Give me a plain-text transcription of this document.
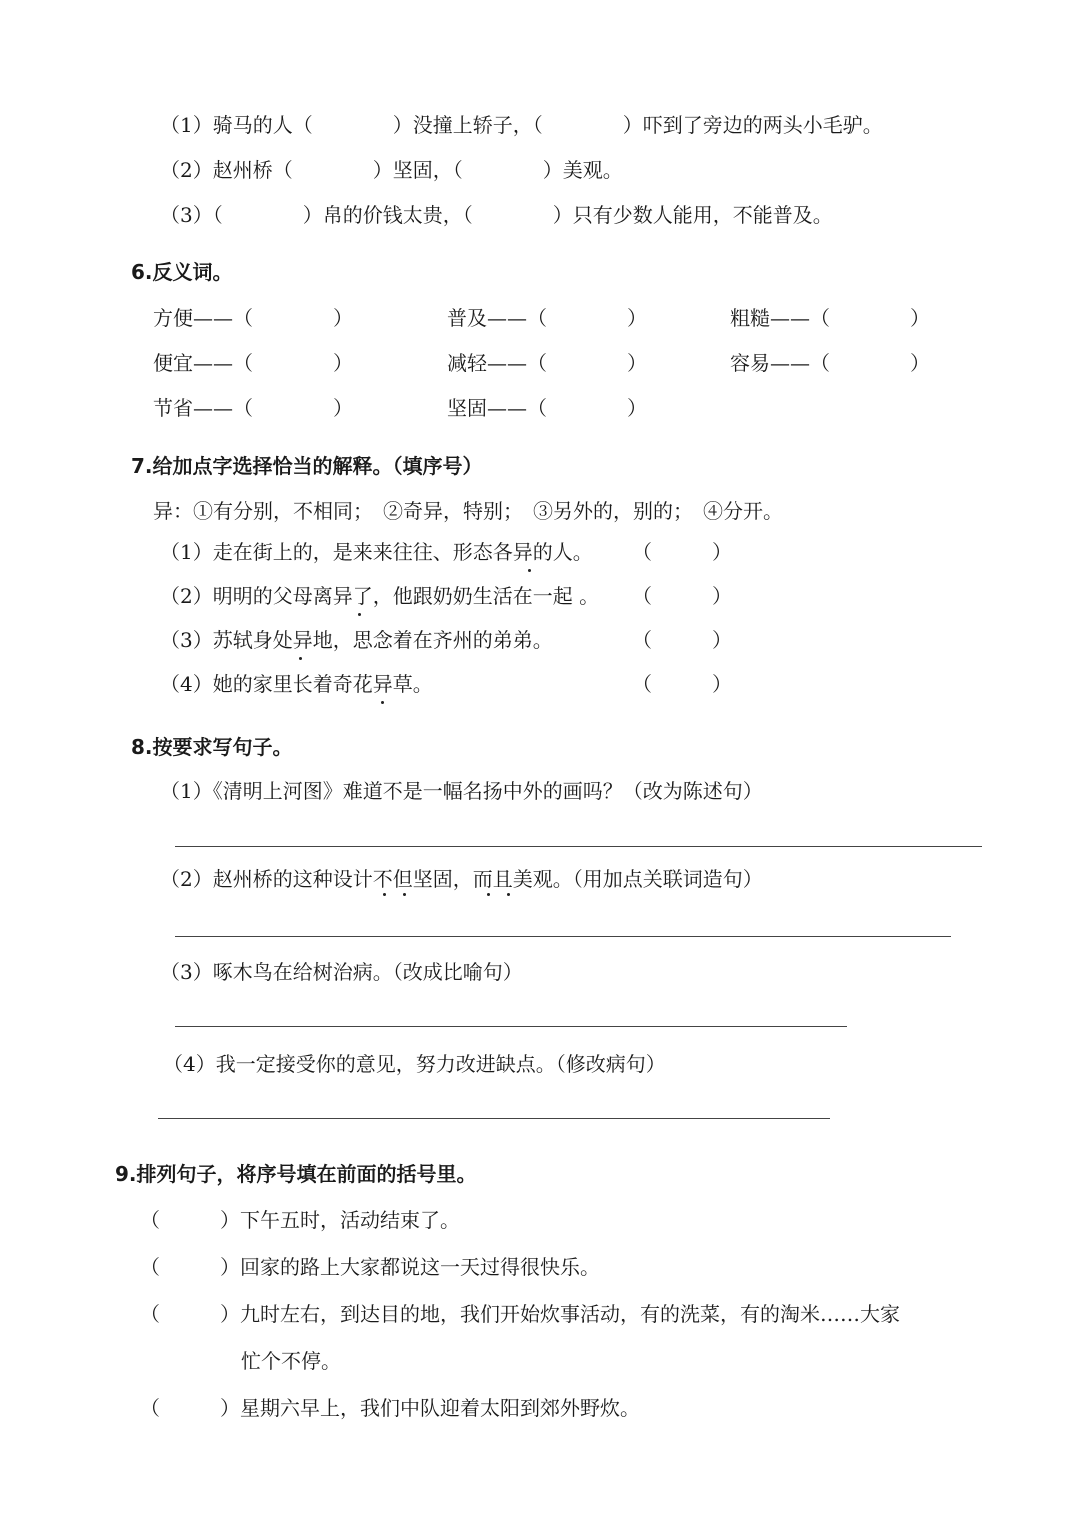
（1）骑马的人（　　　　）没撞上轿子，（　　　　）吓到了旁边的两头小毛驴。
（2）赵州桥（　　　　）坚固，（　　　　）美观。
（3）（　　　　）帛的价钱太贵，（　　　　）只有少数人能用，不能普及。
6.反义词。
方便——（　　　　）	普及——（　　　　）	粗糙——（　　　　）
便宜——（　　　　）	减轻——（　　　　）	容易——（　　　　）
节省——（　　　　）	坚固——（　　　　）
7.给加点字选择恰当的解释。（填序号）
异：①有分别，不相同；　②奇异，特别；　③另外的，别的；　④分开。
（1）走在街上的，是来来往往、形态各异的人。 （　　　）
（2）明明的父母离异了，他跟奶奶生活在一起 。 （　　　）
（3）苏轼身处异地，思念着在齐州的弟弟。	（　　　）
（4）她的家里长着奇花异草。	（　　　）
8.按要求写句子。
（1）《清明上河图》难道不是一幅名扬中外的画吗？（改为陈述句）
（2）赵州桥的这种设计不但坚固，而且美观。（用加点关联词造句）
（3）啄木鸟在给树治病。（改成比喻句）
（4）我一定接受你的意见，努力改进缺点。（修改病句）
9.排列句子，将序号填在前面的括号里。
（　　　）下午五时，活动结束了。
（　　　）回家的路上大家都说这一天过得很快乐。
（　　　）九时左右，到达目的地，我们开始炊事活动，有的洗菜，有的淘米……大家
忙个不停。
（　　　）星期六早上，我们中队迎着太阳到郊外野炊。
